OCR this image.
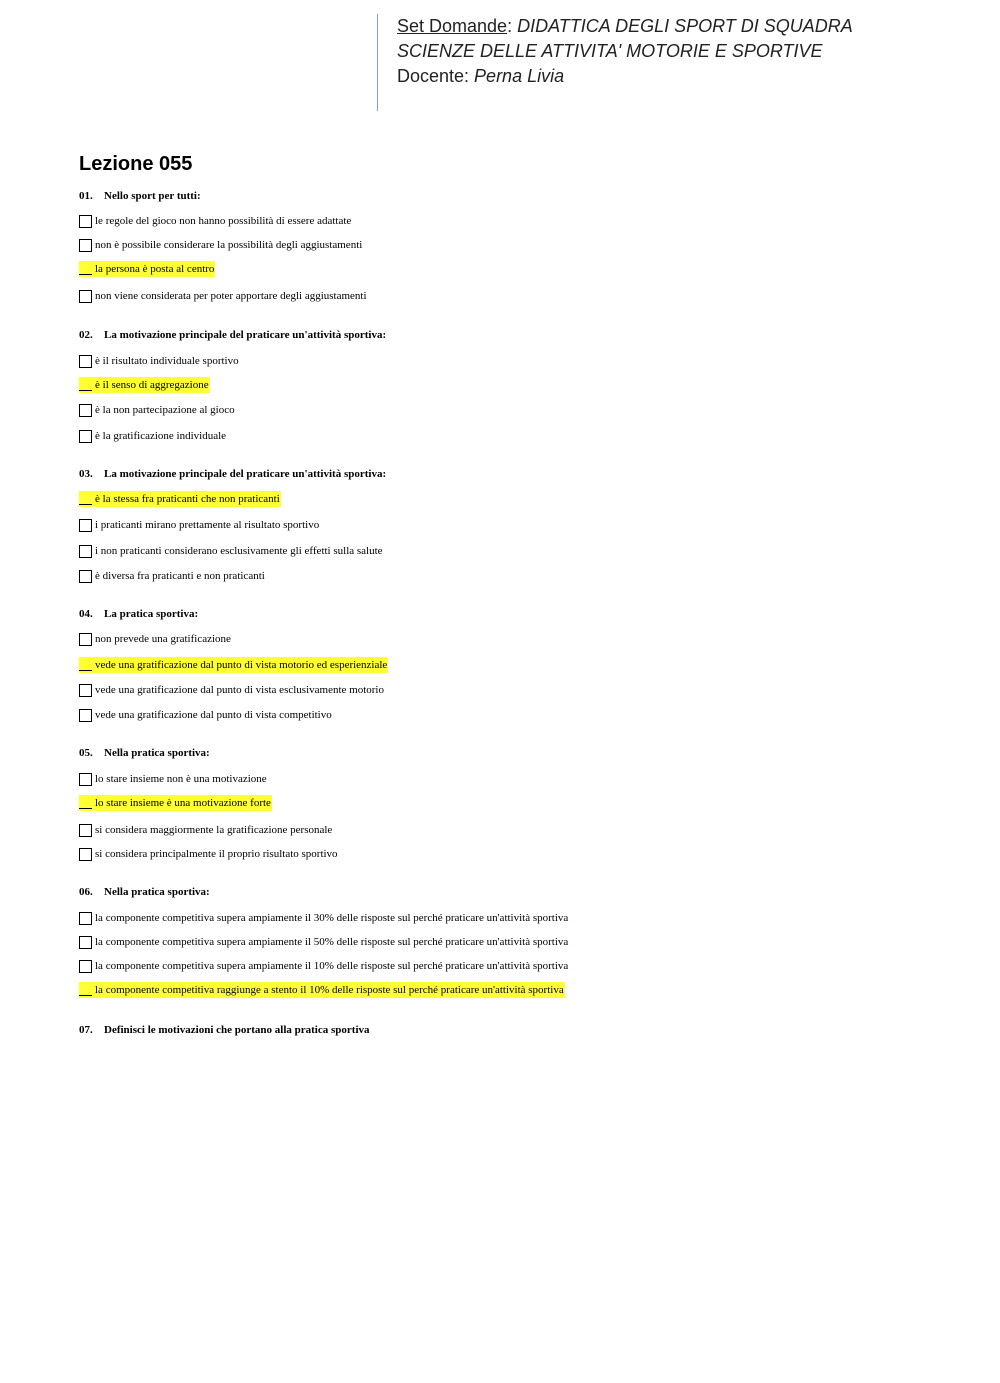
Set Domande: DIDATTICA DEGLI SPORT DI SQUADRA
SCIENZE DELLE ATTIVITA' MOTORIE E SPORTIVE
Docente: Perna Livia
Lezione 055
01. Nello sport per tutti:
le regole del gioco non hanno possibilità di essere adattate
non è possibile considerare la possibilità degli aggiustamenti
la persona è posta al centro
non viene considerata per poter apportare degli aggiustamenti
02. La motivazione principale del praticare un'attività sportiva:
è il risultato individuale sportivo
è il senso di aggregazione
è la non partecipazione al gioco
è la gratificazione individuale
03. La motivazione principale del praticare un'attività sportiva:
è la stessa fra praticanti che non praticanti
i praticanti mirano prettamente al risultato sportivo
i non praticanti considerano esclusivamente gli effetti sulla salute
è diversa fra praticanti e non praticanti
04. La pratica sportiva:
non prevede una gratificazione
vede una gratificazione dal punto di vista motorio ed esperienziale
vede una gratificazione dal punto di vista esclusivamente motorio
vede una gratificazione dal punto di vista competitivo
05. Nella pratica sportiva:
lo stare insieme non è una motivazione
lo stare insieme è una motivazione forte
si considera maggiormente la gratificazione personale
si considera principalmente il proprio risultato sportivo
06. Nella pratica sportiva:
la componente competitiva supera ampiamente il 30% delle risposte sul perché praticare un'attività sportiva
la componente competitiva supera ampiamente il 50% delle risposte sul perché praticare un'attività sportiva
la componente competitiva supera ampiamente il 10% delle risposte sul perché praticare un'attività sportiva
la componente competitiva raggiunge a stento il 10% delle risposte sul perché praticare un'attività sportiva
07. Definisci le motivazioni che portano alla pratica sportiva
